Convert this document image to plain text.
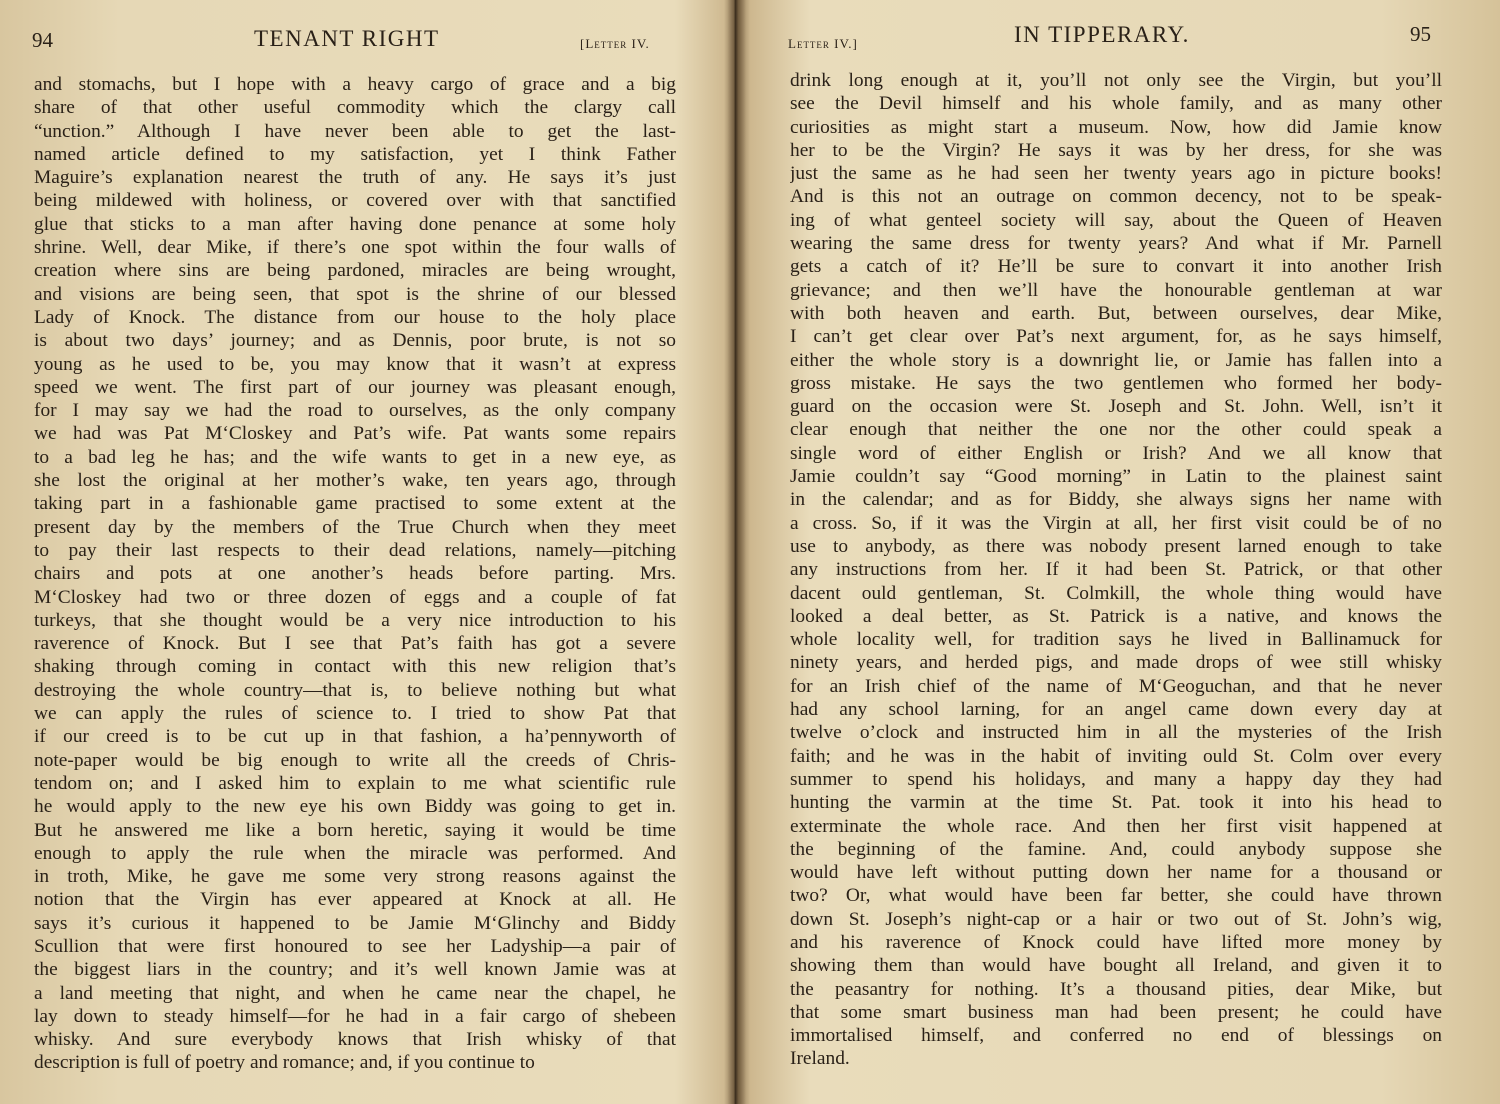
94	TENANT RIGHT	[Letter IV.
and stomachs, but I hope with a heavy cargo of grace and a big
share of that other useful commodity which the clargy call
“unction.” Although I have never been able to get the last-
named article defined to my satisfaction, yet I think Father
Maguire’s explanation nearest the truth of any. He says it’s just
being mildewed with holiness, or covered over with that sanctified
glue that sticks to a man after having done penance at some holy
shrine. Well, dear Mike, if there’s one spot within the four walls of
creation where sins are being pardoned, miracles are being wrought,
and visions are being seen, that spot is the shrine of our blessed
Lady of Knock. The distance from our house to the holy place
is about two days’ journey; and as Dennis, poor brute, is not so
young as he used to be, you may know that it wasn’t at express
speed we went. The first part of our journey was pleasant enough,
for I may say we had the road to ourselves, as the only company
we had was Pat M‘Closkey and Pat’s wife. Pat wants some repairs
to a bad leg he has; and the wife wants to get in a new eye, as
she lost the original at her mother’s wake, ten years ago, through
taking part in a fashionable game practised to some extent at the
present day by the members of the True Church when they meet
to pay their last respects to their dead relations, namely—pitching
chairs and pots at one another’s heads before parting. Mrs.
M‘Closkey had two or three dozen of eggs and a couple of fat
turkeys, that she thought would be a very nice introduction to his
raverence of Knock. But I see that Pat’s faith has got a severe
shaking through coming in contact with this new religion that’s
destroying the whole country—that is, to believe nothing but what
we can apply the rules of science to. I tried to show Pat that
if our creed is to be cut up in that fashion, a ha’pennyworth of
note-paper would be big enough to write all the creeds of Chris-
tendom on; and I asked him to explain to me what scientific rule
he would apply to the new eye his own Biddy was going to get in.
But he answered me like a born heretic, saying it would be time
enough to apply the rule when the miracle was performed. And
in troth, Mike, he gave me some very strong reasons against the
notion that the Virgin has ever appeared at Knock at all. He
says it’s curious it happened to be Jamie M‘Glinchy and Biddy
Scullion that were first honoured to see her Ladyship—a pair of
the biggest liars in the country; and it’s well known Jamie was at
a land meeting that night, and when he came near the chapel, he
lay down to steady himself—for he had in a fair cargo of shebeen
whisky. And sure everybody knows that Irish whisky of that
description is full of poetry and romance; and, if you continue to
Letter IV.]	IN TIPPERARY.	95
drink long enough at it, you’ll not only see the Virgin, but you’ll
see the Devil himself and his whole family, and as many other
curiosities as might start a museum. Now, how did Jamie know
her to be the Virgin? He says it was by her dress, for she was
just the same as he had seen her twenty years ago in picture books!
And is this not an outrage on common decency, not to be speak-
ing of what genteel society will say, about the Queen of Heaven
wearing the same dress for twenty years? And what if Mr. Parnell
gets a catch of it? He’ll be sure to convart it into another Irish
grievance; and then we’ll have the honourable gentleman at war
with both heaven and earth. But, between ourselves, dear Mike,
I can’t get clear over Pat’s next argument, for, as he says himself,
either the whole story is a downright lie, or Jamie has fallen into a
gross mistake. He says the two gentlemen who formed her body-
guard on the occasion were St. Joseph and St. John. Well, isn’t it
clear enough that neither the one nor the other could speak a
single word of either English or Irish? And we all know that
Jamie couldn’t say “Good morning” in Latin to the plainest saint
in the calendar; and as for Biddy, she always signs her name with
a cross. So, if it was the Virgin at all, her first visit could be of no
use to anybody, as there was nobody present larned enough to take
any instructions from her. If it had been St. Patrick, or that other
dacent ould gentleman, St. Colmkill, the whole thing would have
looked a deal better, as St. Patrick is a native, and knows the
whole locality well, for tradition says he lived in Ballinamuck for
ninety years, and herded pigs, and made drops of wee still whisky
for an Irish chief of the name of M‘Geoguchan, and that he never
had any school larning, for an angel came down every day at
twelve o’clock and instructed him in all the mysteries of the Irish
faith; and he was in the habit of inviting ould St. Colm over every
summer to spend his holidays, and many a happy day they had
hunting the varmin at the time St. Pat. took it into his head to
exterminate the whole race. And then her first visit happened at
the beginning of the famine. And, could anybody suppose she
would have left without putting down her name for a thousand or
two? Or, what would have been far better, she could have thrown
down St. Joseph’s night-cap or a hair or two out of St. John’s wig,
and his raverence of Knock could have lifted more money by
showing them than would have bought all Ireland, and given it to
the peasantry for nothing. It’s a thousand pities, dear Mike, but
that some smart business man had been present; he could have
immortalised himself, and conferred no end of blessings on
Ireland.
